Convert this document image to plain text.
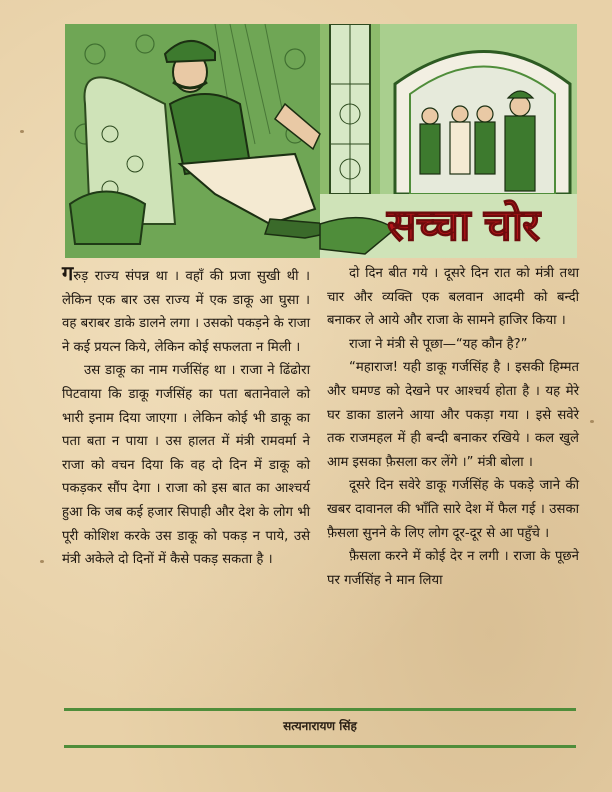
सच्चा चोर

गरुड़ राज्य संपन्न था । वहाँ की प्रजा सुखी थी । लेकिन एक बार उस राज्य में एक डाकू आ घुसा । वह बराबर डाके डालने लगा । उसको पकड़ने के राजा ने कई प्रयत्न किये, लेकिन कोई सफलता न मिली ।

उस डाकू का नाम गर्जसिंह था । राजा ने ढिंढोरा पिटवाया कि डाकू गर्जसिंह का पता बतानेवाले को भारी इनाम दिया जाएगा । लेकिन कोई भी डाकू का पता बता न पाया । उस हालत में मंत्री रामवर्मा ने राजा को वचन दिया कि वह दो दिन में डाकू को पकड़कर सौंप देगा । राजा को इस बात का आश्चर्य हुआ कि जब कई हजार सिपाही और देश के लोग भी पूरी कोशिश करके उस डाकू को पकड़ न पाये, उसे मंत्री अकेले दो दिनों में कैसे पकड़ सकता है ।

दो दिन बीत गये । दूसरे दिन रात को मंत्री तथा चार और व्यक्ति एक बलवान आदमी को बन्दी बनाकर ले आये और राजा के सामने हाजिर किया ।

राजा ने मंत्री से पूछा—“यह कौन है?”

“महाराज! यही डाकू गर्जसिंह है । इसकी हिम्मत और घमण्ड को देखने पर आश्चर्य होता है । यह मेरे घर डाका डालने आया और पकड़ा गया । इसे सवेरे तक राजमहल में ही बन्दी बनाकर रखिये । कल खुले आम इसका फ़ैसला कर लेंगे ।” मंत्री बोला ।

दूसरे दिन सवेरे डाकू गर्जसिंह के पकड़े जाने की खबर दावानल की भाँति सारे देश में फैल गई । उसका फ़ैसला सुनने के लिए लोग दूर-दूर से आ पहुँचे ।

फ़ैसला करने में कोई देर न लगी । राजा के पूछने पर गर्जसिंह ने मान लिया

सत्यनारायण सिंह
